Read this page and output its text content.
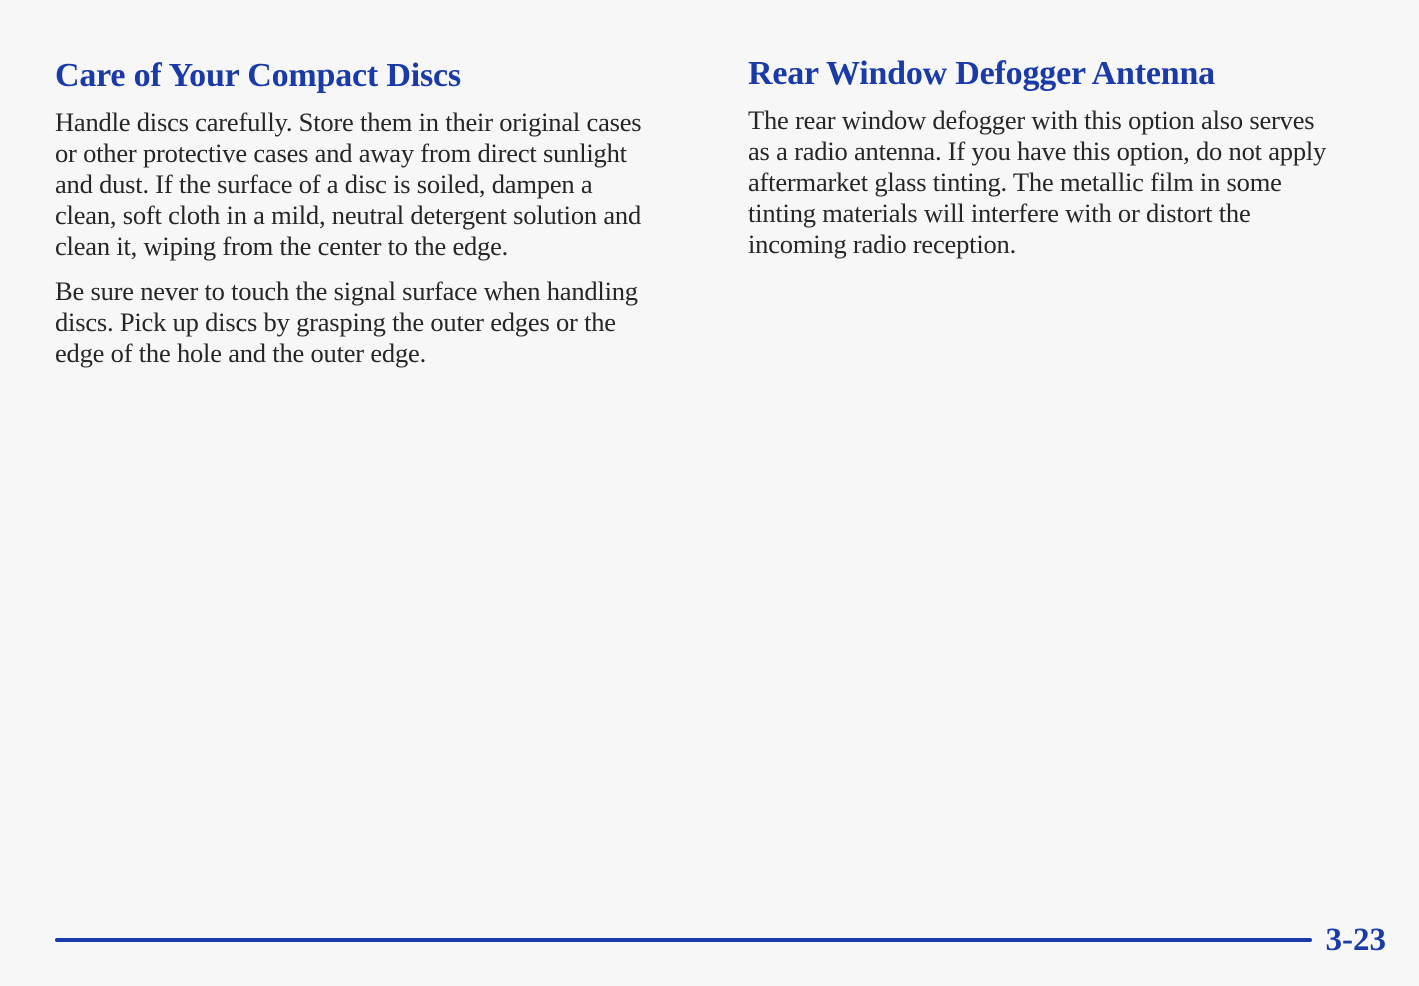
Care of Your Compact Discs

Handle discs carefully. Store them in their original cases
or other protective cases and away from direct sunlight
and dust. If the surface of a disc is soiled, dampen a
clean, soft cloth in a mild, neutral detergent solution and
clean it, wiping from the center to the edge.

Be sure never to touch the signal surface when handling
discs. Pick up discs by grasping the outer edges or the
edge of the hole and the outer edge.

Rear Window Defogger Antenna

The rear window defogger with this option also serves
as a radio antenna. If you have this option, do not apply
aftermarket glass tinting. The metallic film in some
tinting materials will interfere with or distort the
incoming radio reception.

3-23
